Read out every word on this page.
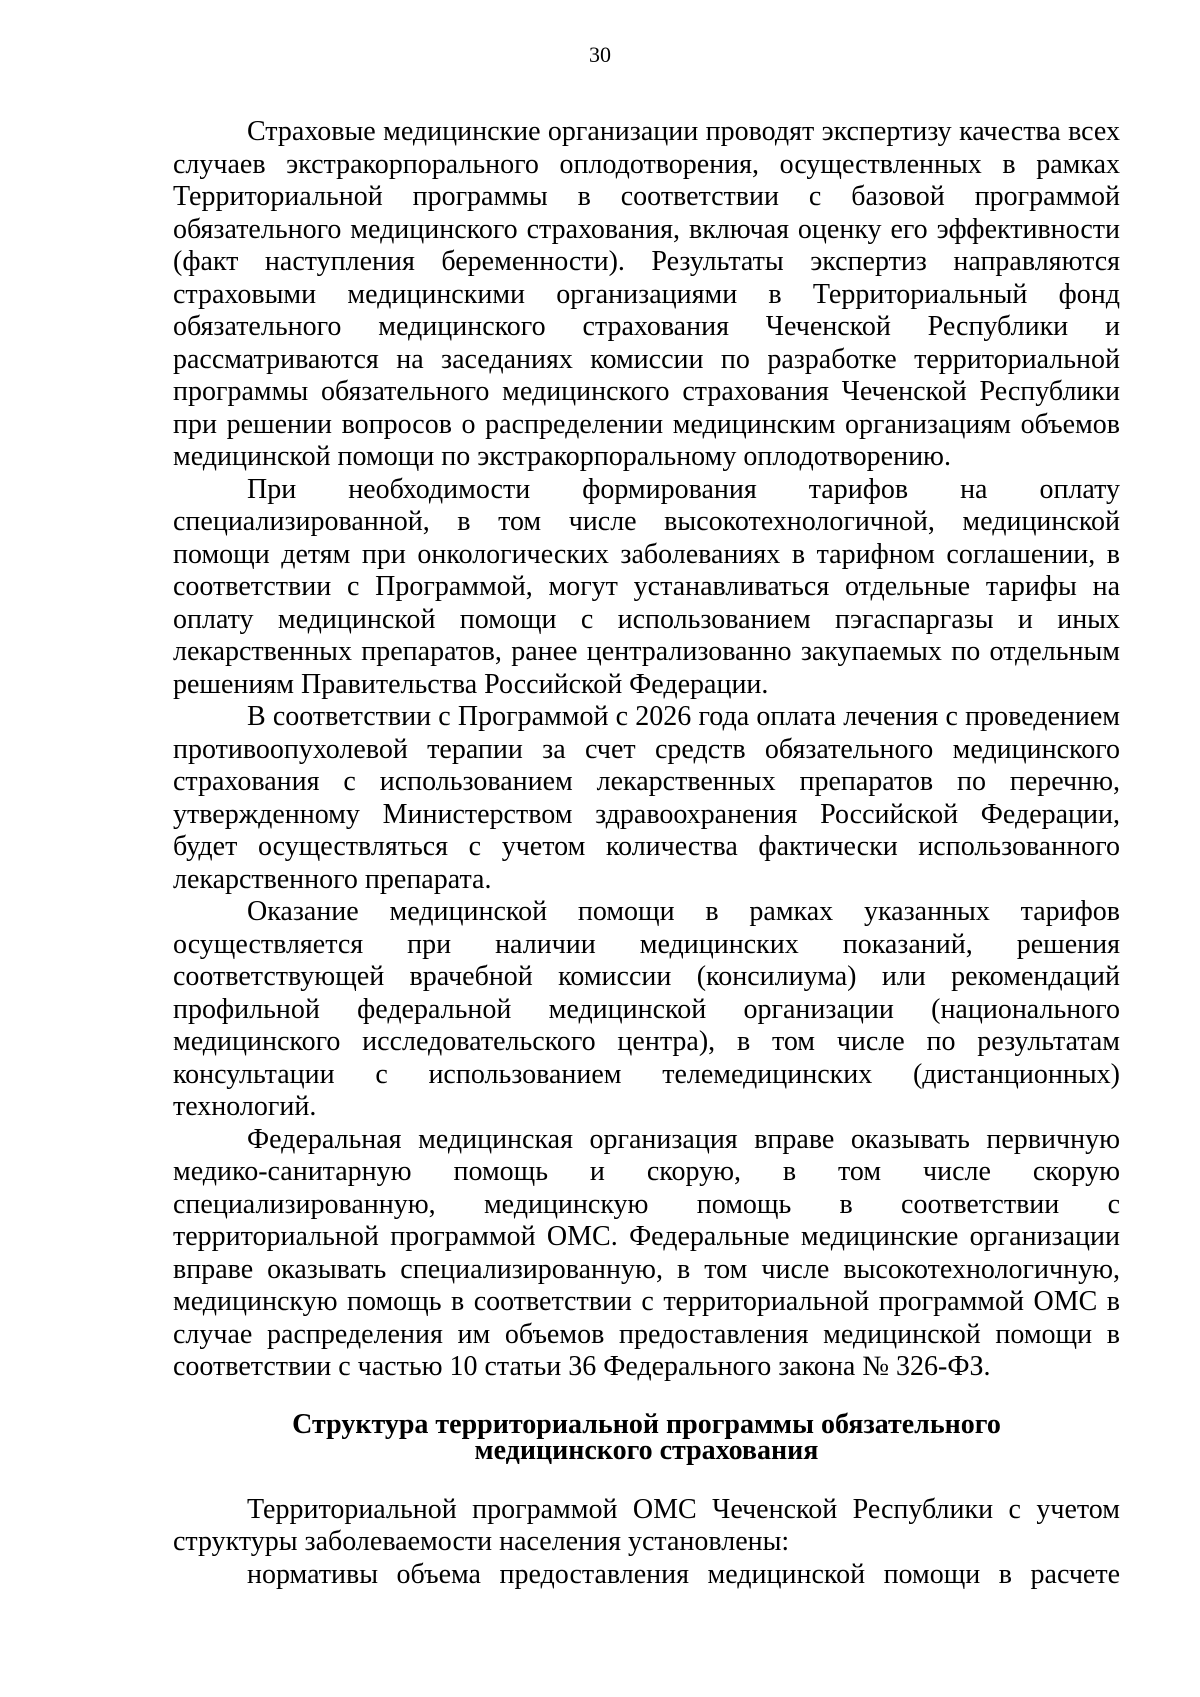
30

Страховые медицинские организации проводят экспертизу качества всех случаев экстракорпорального оплодотворения, осуществленных в рамках Территориальной программы в соответствии с базовой программой обязательного медицинского страхования, включая оценку его эффективности (факт наступления беременности). Результаты экспертиз направляются страховыми медицинскими организациями в Территориальный фонд обязательного медицинского страхования Чеченской Республики и рассматриваются на заседаниях комиссии по разработке территориальной программы обязательного медицинского страхования Чеченской Республики при решении вопросов о распределении медицинским организациям объемов медицинской помощи по экстракорпоральному оплодотворению.

При необходимости формирования тарифов на оплату специализированной, в том числе высокотехнологичной, медицинской помощи детям при онкологических заболеваниях в тарифном соглашении, в соответствии с Программой, могут устанавливаться отдельные тарифы на оплату медицинской помощи с использованием пэгаспаргазы и иных лекарственных препаратов, ранее централизованно закупаемых по отдельным решениям Правительства Российской Федерации.

В соответствии с Программой с 2026 года оплата лечения с проведением противоопухолевой терапии за счет средств обязательного медицинского страхования с использованием лекарственных препаратов по перечню, утвержденному Министерством здравоохранения Российской Федерации, будет осуществляться с учетом количества фактически использованного лекарственного препарата.

Оказание медицинской помощи в рамках указанных тарифов осуществляется при наличии медицинских показаний, решения соответствующей врачебной комиссии (консилиума) или рекомендаций профильной федеральной медицинской организации (национального медицинского исследовательского центра), в том числе по результатам консультации с использованием телемедицинских (дистанционных) технологий.

Федеральная медицинская организация вправе оказывать первичную медико-санитарную помощь и скорую, в том числе скорую специализированную, медицинскую помощь в соответствии с территориальной программой ОМС. Федеральные медицинские организации вправе оказывать специализированную, в том числе высокотехнологичную, медицинскую помощь в соответствии с территориальной программой ОМС в случае распределения им объемов предоставления медицинской помощи в соответствии с частью 10 статьи 36 Федерального закона № 326-ФЗ.

Структура территориальной программы обязательного
медицинского страхования

Территориальной программой ОМС Чеченской Республики с учетом структуры заболеваемости населения установлены:

нормативы объема предоставления медицинской помощи в расчете
